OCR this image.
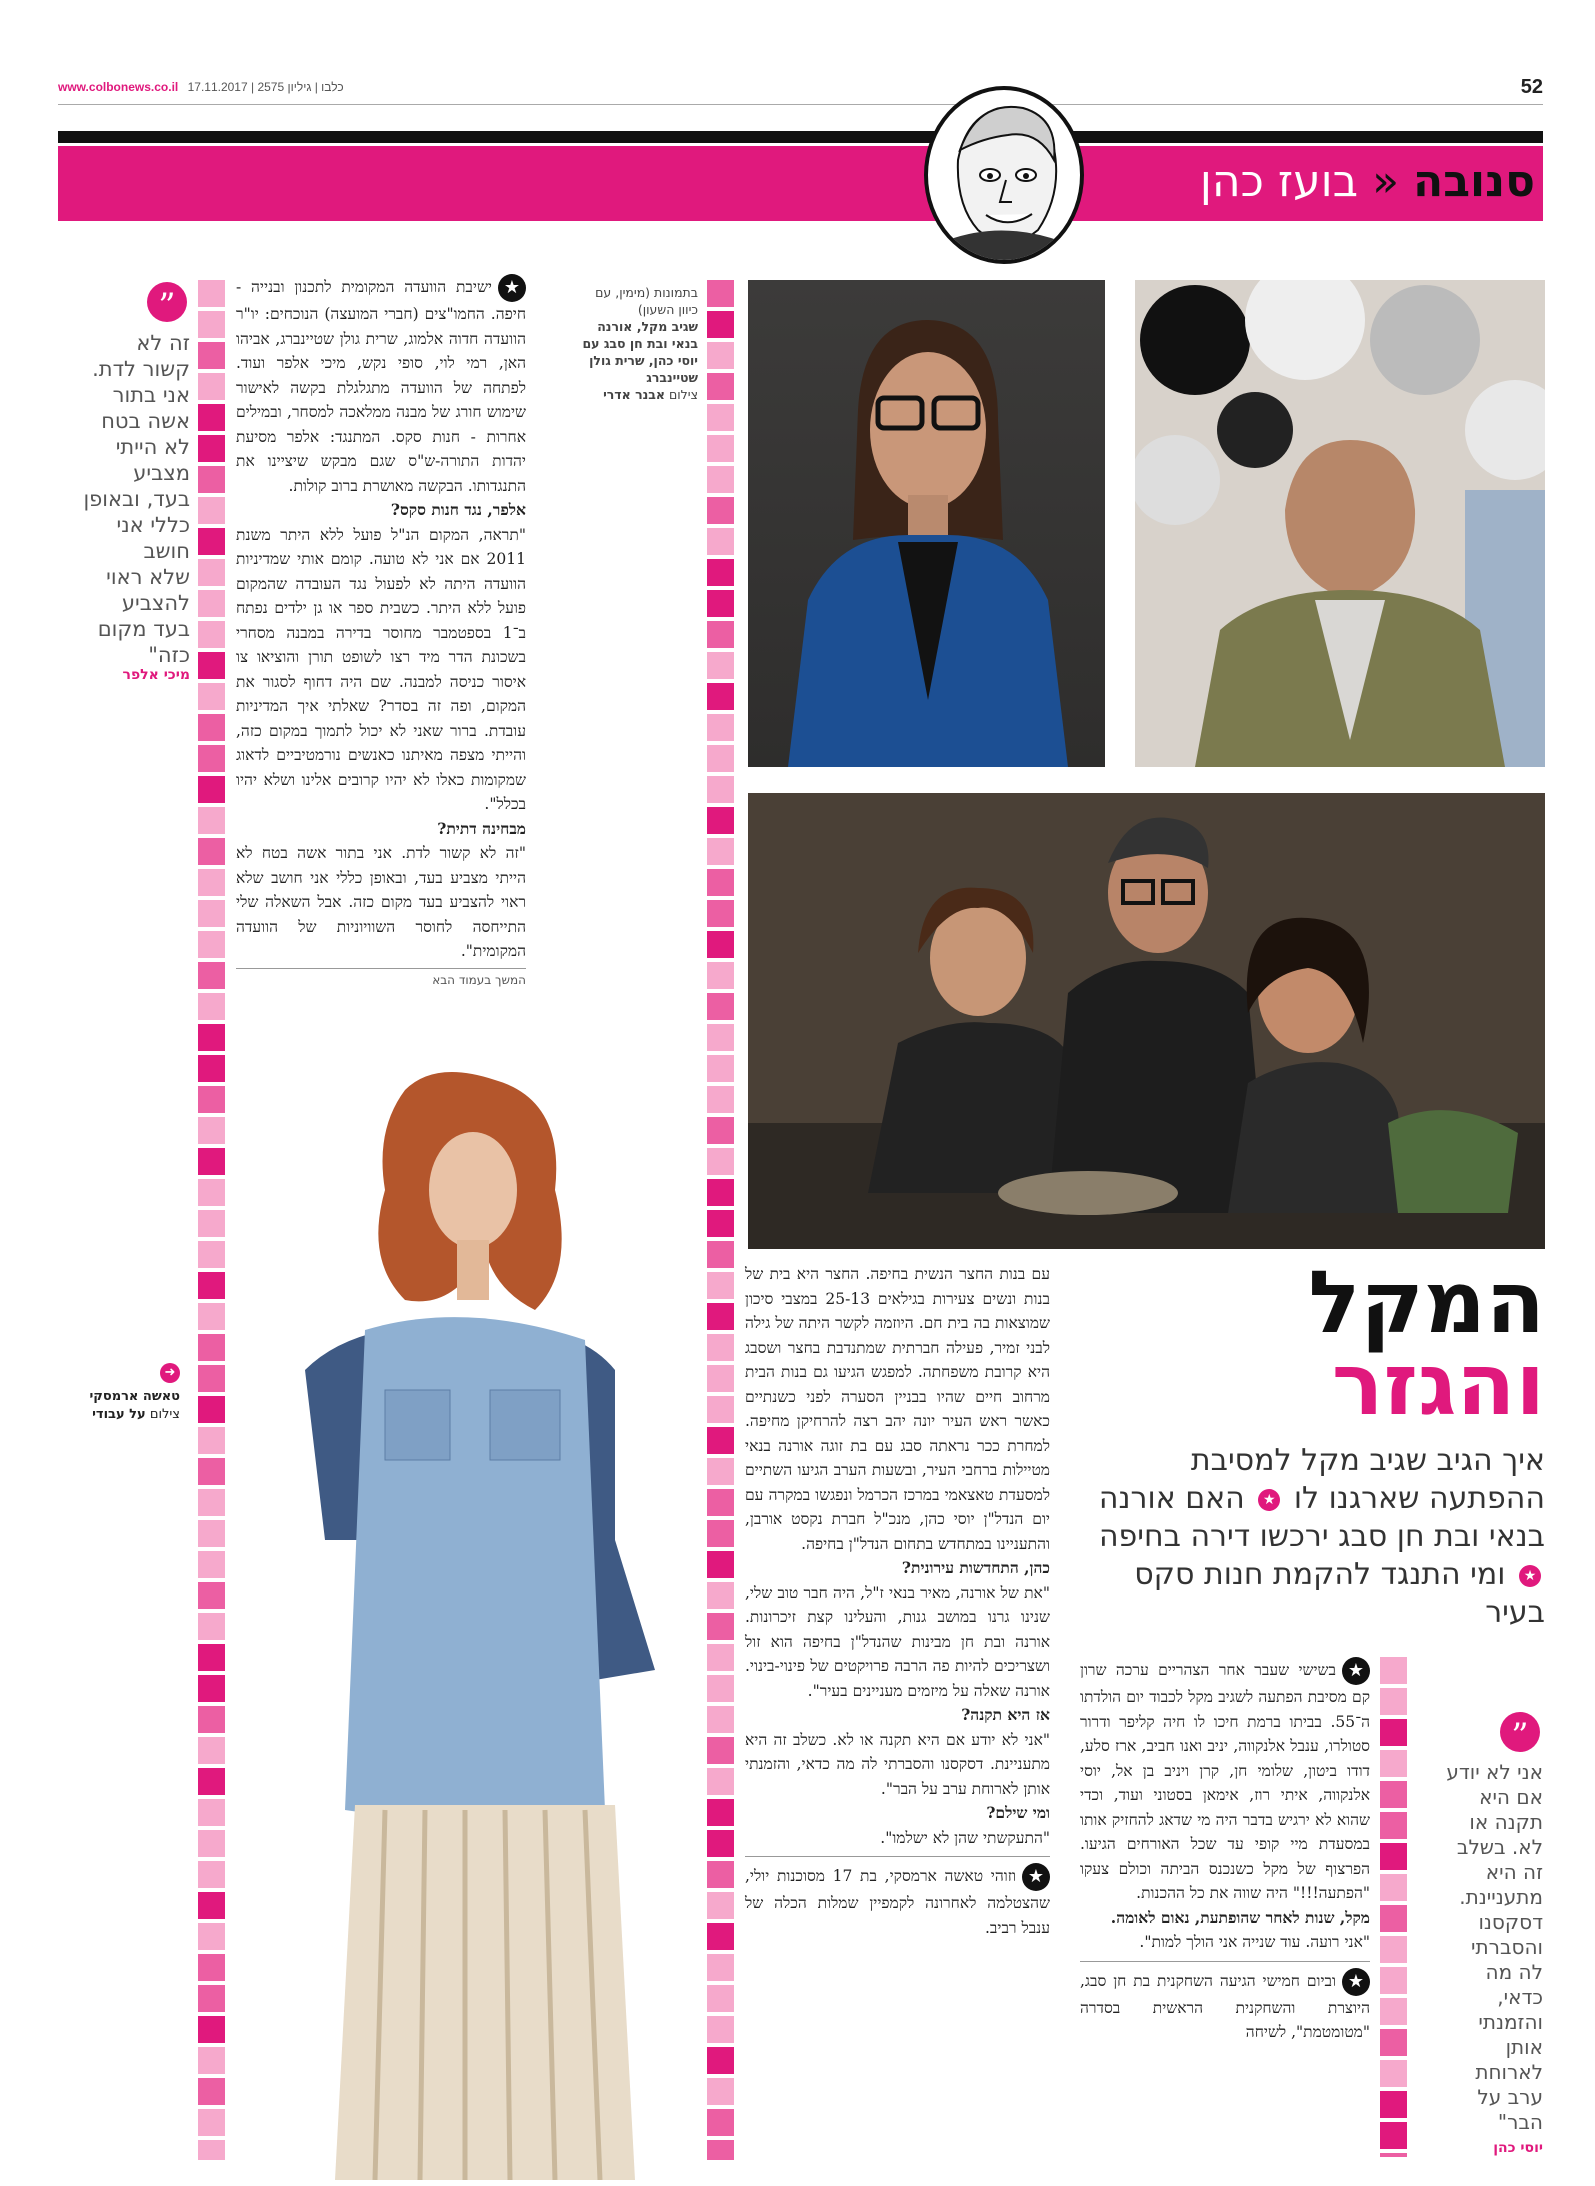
www.colbonews.co.il כלבו | גיליון 2575 | 17.11.2017	52
סנובה « בועז כהן
בתמונות (מימין, עם כיוון השעון)
שגיב מקל, אורנה בנאי ובת חן סבג עם יוסי כהן, שרית גולן שטיינברג
צילום אבנר אדרי
”
זה לא
קשור לדת.
אני בתור
אשה בטח
לא הייתי
מצביע
בעד, ובאופן
כללי אני
חושב
שלא ראוי
להצביע
בעד מקום
כזה"
מיכי אלפר
➜
טאשה ארמסקי
צילום על עבודי

★ישיבת הוועדה המקומית לתכנון ובנייה - חיפה. החמו"צים (חברי המועצה) הנוכחים: יו"ר הוועדה חדוה אלמוג, שרית גולן שטיינברג, אביהו האן, רמי לוי, סופי נקש, מיכי אלפר ועוד. לפתחה של הוועדה מתגלגלת בקשה לאישור שימוש חורג של מבנה ממלאכה למסחר, ובמילים אחרות - חנות סקס. המתנגד: אלפר מסיעת יהדות התורה-ש"ס שגם מבקש שיציינו את התנגדותו. הבקשה מאושרת ברוב קולות.

אלפר, נגד חנות סקס?

"תראה, המקום הנ"ל פועל ללא היתר משנת 2011 אם אני לא טועה. קומם אותי שמדיניות הוועדה היתה לא לפעול נגד העובדה שהמקום פועל ללא היתר. כשבית ספר או גן ילדים נפתח ב־1 בספטמבר מחוסר בדירה במבנה מסחרי בשכונת הדר מיד רצו לשופט תורן והוציאו צו איסור כניסה למבנה. שם היה דחוף לסגור את המקום, ופה זה בסדר? שאלתי איך המדיניות עובדת. ברור שאני לא יכול לתמוך במקום כזה, והייתי מצפה מאיתנו כאנשים נורמטיביים לדאוג שמקומות כאלו לא יהיו קרובים אלינו ושלא יהיו בכלל".

מבחינה דתית?

"זה לא קשור לדת. אני בתור אשה בטח לא הייתי מצביע בעד, ובאופן כללי אני חושב שלא ראוי להצביע בעד מקום כזה. אבל השאלה שלי התייחסה לחוסר השוויוניות של הוועדה המקומית".

המשך בעמוד הבא
המקל
והגזר
איך הגיב שגיב מקל למסיבת ההפתעה שארגנו לו ★ האם אורנה בנאי ובת חן סבג ירכשו דירה בחיפה ★ ומי התנגד להקמת חנות סקס בעיר

עם בנות החצר הנשית בחיפה. החצר היא בית של בנות ונשים צעירות בגילאים 25-13 במצבי סיכון שמוצאות בה בית חם. היוזמה לקשר היתה של גילה לבני זמיר, פעילה חברתית שמתנדבת בחצר ושסבג היא קרובת משפחתה. למפגש הגיעו גם בנות הבית מרחוב חיים שהיו בבניין הסערה לפני כשנתיים כאשר ראש העיר יונה יהב רצה להרחיקן מחיפה. למחרת ככר נראתה סבג עם בת זוגה אורנה בנאי מטיילות ברחבי העיר, ובשעות הערב הגיעו השתיים למסעדת טאצאמי במרכז הכרמל ונפגשו במקרה עם יום הנדל"ן יוסי כהן, מנכ"ל חברת נקסט אורבן, והתעניינו במתחדש בתחום הנדל"ן בחיפה.

כהן, התחדשות עירונית?

"את של אורנה, מאיר בנאי ז"ל, היה חבר טוב שלי, שנינו גרנו במושב גנות, והעלינו קצת זיכרונות. אורנה ובת חן מבינות שהנדל"ן בחיפה הוא זול ושצריכים להיות פה הרבה פרויקטים של פינוי-בינוי. אורנה שאלה על מיזמים מעניינים בעיר".

אז היא תקנה?

"אני לא יודע אם היא תקנה או לא. כשלב זה היא מתעניינת. דסקסנו והסברתי לה מה כדאי, והזמנתי אותן לארוחת ערב על הבר".

ומי שילם?

"התעקשתי שהן לא ישלמו".

★וזוהי טאשה ארמסקי, בת 17 מסוכנות יולי, שהצטלמה לאחרונה לקמפיין שמלות הכלה של ענבל רביב.

★בשישי שעבר אחר הצהריים ערכה שרון קם מסיבת הפתעה לשגיב מקל לכבוד יום הולדתו ה־55. בביתו ברמת חיכו לו חיה קליפר ודרור סטולרו, ענבל אלנקווה, יניב ואנו חביב, ארז סלע, דודו ביטון, שלומי חן, קרן ויניב בן אל, יוסי אלנקווה, איתי רוז, אימאן בסטוני ועוד, וכדי שהוא לא ירגיש בדבר היה מי שדאג להחזיק אותו במסעדת מיי קופי עד שכל האורחים הגיעו. הפרצוף של מקל כשנכנס הביתה וכולם צעקו "הפתעה!!!" היה שווה את כל ההכנות.

מקל, שנות לאחר שהופתעת, נאום לאומה.

"אני רועה. עוד שנייה אני הולך למות".

★וביום חמישי הגיעה השחקנית בת חן סבג, היוצרת והשחקנית הראשית בסדרה "מטומטמת", לשיחה

”
אני לא יודע
אם היא
תקנה או
לא. בשלב
זה היא
מתעניינת.
דסקסנו
והסברתי
לה מה
כדאי,
והזמנתי
אותן
לארוחת
ערב על
הבר"
יוסי כהן
